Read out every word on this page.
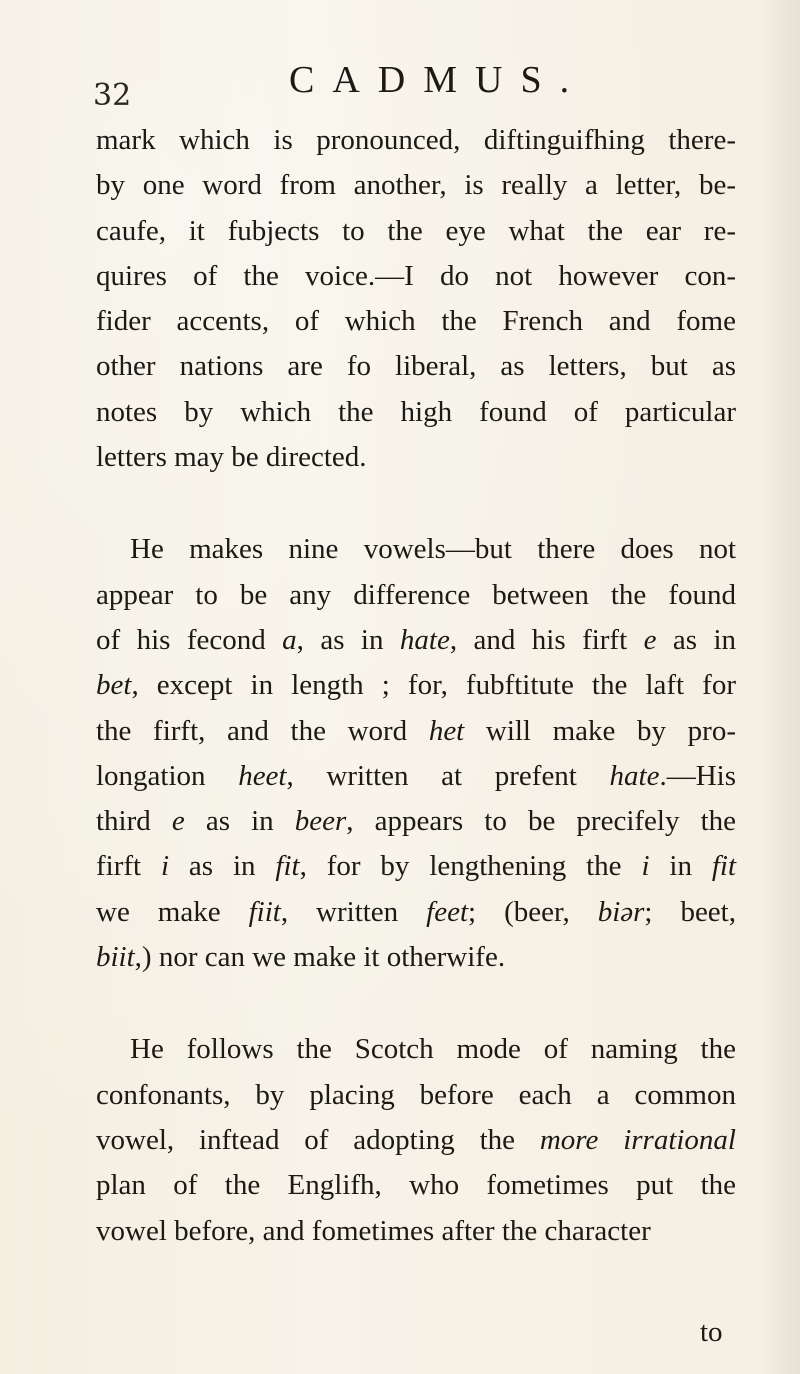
32	CADMUS.

mark which is pronounced, diftinguifhing there-
by one word from another, is really a letter, be-
caufe, it fubjects to the eye what the ear re-
quires of the voice.—I do not however con-
fider accents, of which the French and fome
other nations are fo liberal, as letters, but as
notes by which the high found of particular
letters may be directed.

He makes nine vowels—but there does not
appear to be any difference between the found
of his fecond a, as in hate, and his firft e as in
bet, except in length ; for, fubftitute the laft for
the firft, and the word het will make by pro-
longation heet, written at prefent hate.—His
third e as in beer, appears to be precifely the
firft i as in fit, for by lengthening the i in fit
we make fiit, written feet; (beer, biər; beet,
biit,) nor can we make it otherwife.

He follows the Scotch mode of naming the
confonants, by placing before each a common
vowel, inftead of adopting the more irrational
plan of the Englifh, who fometimes put the
vowel before, and fometimes after the character

to
